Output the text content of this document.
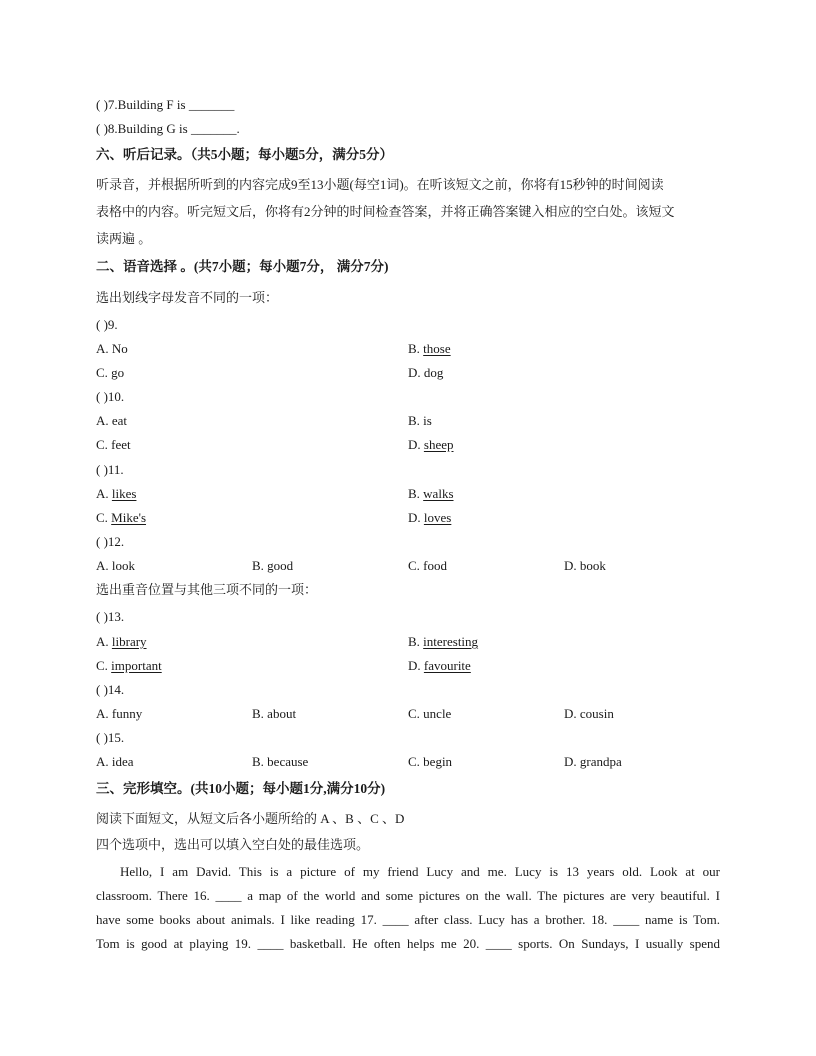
( )7.Building F is _______
( )8.Building G is _______.
六、听后记录。（共5小题；每小题5分，满分5分）
听录音，并根据所听到的内容完成9至13小题(每空1词)。在听该短文之前，你将有15秒钟的时间阅读
表格中的内容。听完短文后，你将有2分钟的时间检查答案，并将正确答案键入相应的空白处。该短文
读两遍 。
二、语音选择 。(共7小题；每小题7分， 满分7分)
选出划线字母发音不同的一项：
( )9.
A. No	B. those
C. go	D. dog
( )10.
A. eat	B. is
C. feet	D. sheep
( )11.
A. likes	B. walks
C. Mike's	D. loves
( )12.
A. look	B. good	C. food	D. book
选出重音位置与其他三项不同的一项：
( )13.
A. library	B. interesting
C. important	D. favourite
( )14.
A. funny	B. about	C. uncle	D. cousin
( )15.
A. idea	B. because	C. begin	D. grandpa
三、完形填空。(共10小题；每小题1分,满分10分)
阅读下面短文，从短文后各小题所给的 A 、B 、C 、D
四个选项中，选出可以填入空白处的最佳选项。
Hello, I am David. This is a picture of my friend Lucy and me. Lucy is 13 years old. Look at our
classroom. There 16. ____ a map of the world and some pictures on the wall. The pictures are very beautiful. I
have some books about animals. I like reading 17. ____ after class. Lucy has a brother. 18. ____ name is Tom.
Tom is good at playing 19. ____ basketball. He often helps me 20. ____ sports. On Sundays, I usually spend
